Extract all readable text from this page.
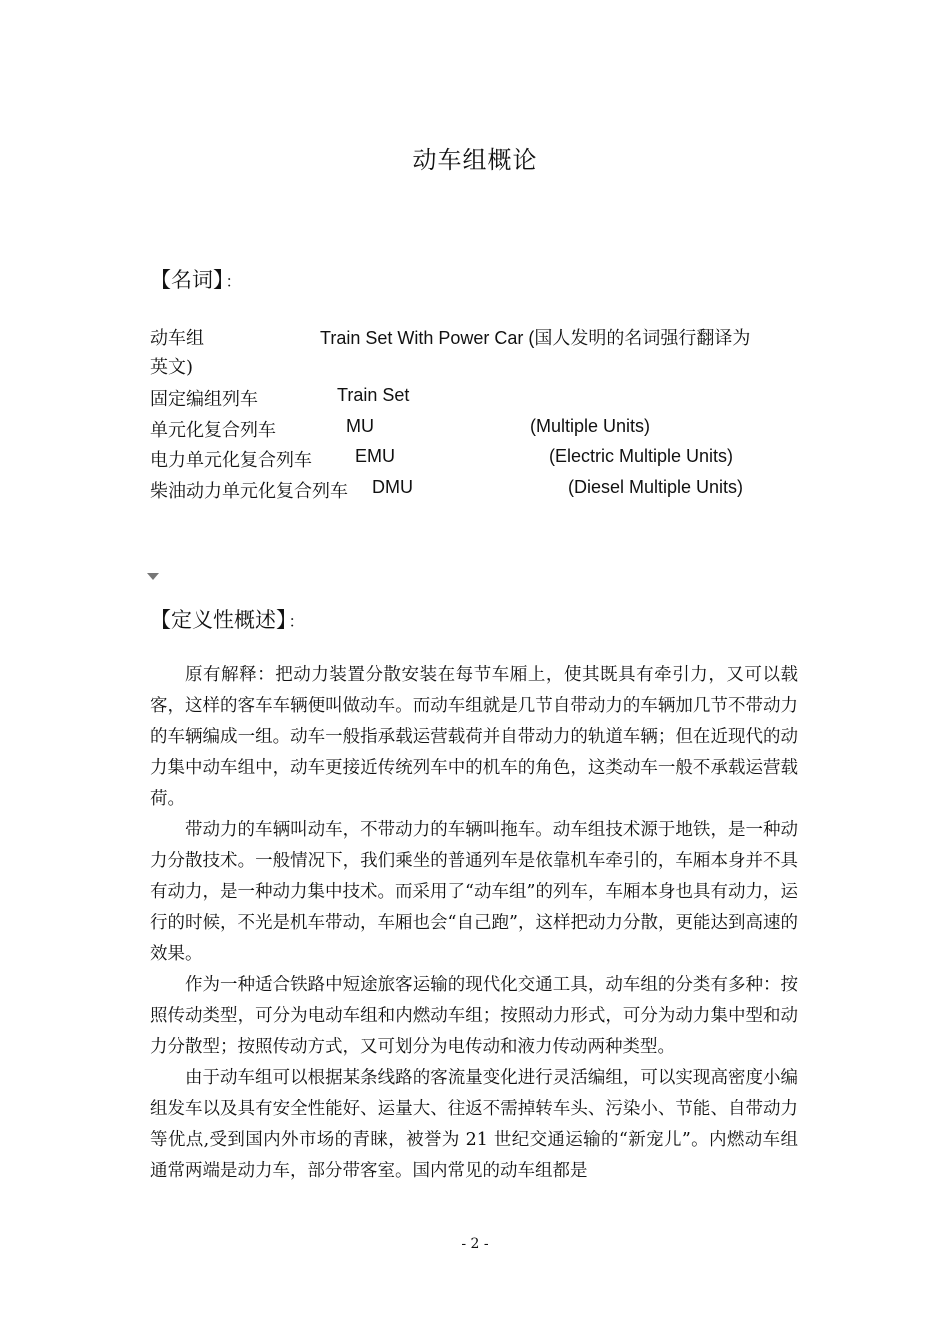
动车组概论
【名词】 ：
动车组	Train Set With Power Car (国人发明的名词强行翻译为
英文)
固定编组列车	Train Set
单元化复合列车	MU	(Multiple Units)
电力单元化复合列车 EMU	(Electric Multiple Units)
柴油动力单元化复合列车 DMU	(Diesel Multiple Units)
【定义性概述】 ：

原有解释：把动力装置分散安装在每节车厢上，使其既具有牵引力，又可以载客，这样的客车车辆便叫做动车。而动车组就是几节自带动力的车辆加几节不带动力的车辆编成一组。动车一般指承载运营载荷并自带动力的轨道车辆；但在近现代的动力集中动车组中，动车更接近传统列车中的机车的角色，这类动车一般不承载运营载荷。

带动力的车辆叫动车，不带动力的车辆叫拖车。动车组技术源于地铁，是一种动力分散技术。一般情况下，我们乘坐的普通列车是依靠机车牵引的，车厢本身并不具有动力，是一种动力集中技术。而采用了“动车组”的列车，车厢本身也具有动力，运行的时候，不光是机车带动，车厢也会“自己跑”，这样把动力分散，更能达到高速的效果。

作为一种适合铁路中短途旅客运输的现代化交通工具，动车组的分类有多种：按照传动类型，可分为电动车组和内燃动车组；按照动力形式，可分为动力集中型和动力分散型；按照传动方式，又可划分为电传动和液力传动两种类型。

由于动车组可以根据某条线路的客流量变化进行灵活编组，可以实现高密度小编组发车以及具有安全性能好、运量大、往返不需掉转车头、污染小、节能、自带动力等优点,受到国内外市场的青睐，被誉为 21 世纪交通运输的“新宠儿”。内燃动车组通常两端是动力车，部分带客室。国内常见的动车组都是

- 2 -
